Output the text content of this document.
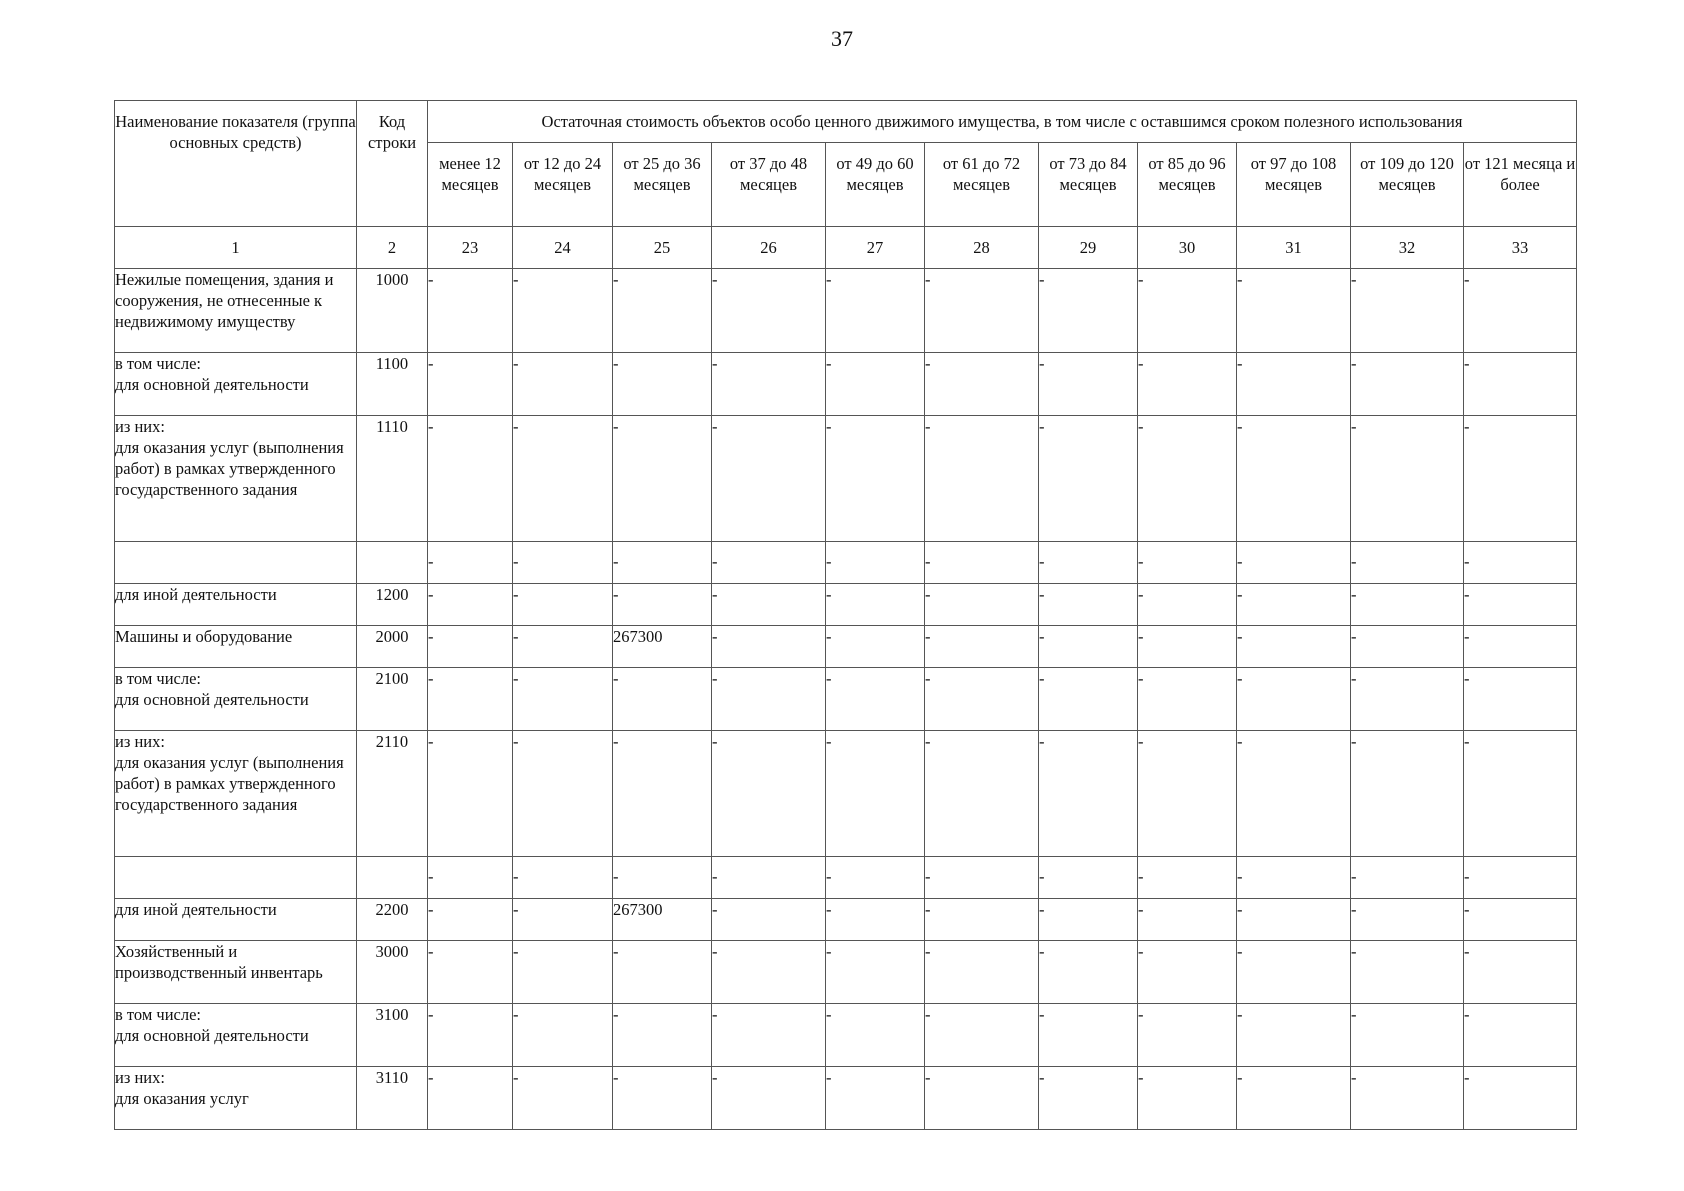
37
Наименование показателя (группа основных средств)	Код строки	Остаточная стоимость объектов особо ценного движимого имущества, в том числе с оставшимся сроком полезного использования										
		менее 12 месяцев	от 12 до 24 месяцев	от 25 до 36 месяцев	от 37 до 48 месяцев	от 49 до 60 месяцев	от 61 до 72 месяцев	от 73 до 84 месяцев	от 85 до 96 месяцев	от 97 до 108 месяцев	от 109 до 120 месяцев	от 121 месяца и более
1	2	23	24	25	26	27	28	29	30	31	32	33
Нежилые помещения, здания и сооружения, не отнесенные к недвижимому имуществу	1000	-	-	-	-	-	-	-	-	-	-	-
в том числе:
для основной деятельности	1100	-	-	-	-	-	-	-	-	-	-	-
из них:
для оказания услуг (выполнения работ) в рамках утвержденного государственного задания	1110	-	-	-	-	-	-	-	-	-	-	-
		-	-	-	-	-	-	-	-	-	-	-
для иной деятельности	1200	-	-	-	-	-	-	-	-	-	-	-
Машины и оборудование	2000	-	-	267300	-	-	-	-	-	-	-	-
в том числе:
для основной деятельности	2100	-	-	-	-	-	-	-	-	-	-	-
из них:
для оказания услуг (выполнения работ) в рамках утвержденного государственного задания	2110	-	-	-	-	-	-	-	-	-	-	-
		-	-	-	-	-	-	-	-	-	-	-
для иной деятельности	2200	-	-	267300	-	-	-	-	-	-	-	-
Хозяйственный и производственный инвентарь	3000	-	-	-	-	-	-	-	-	-	-	-
в том числе:
для основной деятельности	3100	-	-	-	-	-	-	-	-	-	-	-
из них:
для оказания услуг	3110	-	-	-	-	-	-	-	-	-	-	-
